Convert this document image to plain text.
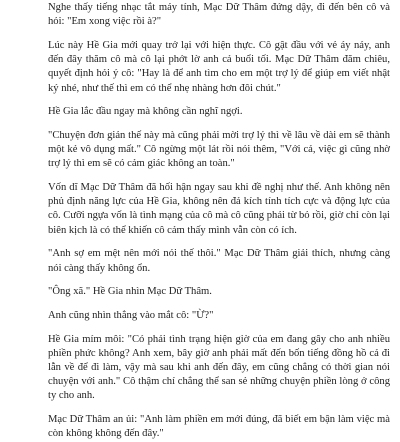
Nghe thấy tiếng nhạc tắt máy tính, Mạc Dữ Thâm đứng dậy, đi đến bên cô và hỏi: "Em xong việc rồi à?"

Lúc này Hề Gia mới quay trở lại với hiện thực. Cô gật đầu với vẻ áy náy, anh đến đây thăm cô mà cô lại phớt lờ anh cả buổi tối. Mạc Dữ Thâm đăm chiêu, quyết định hỏi ý cô: "Hay là để anh tìm cho em một trợ lý để giúp em viết nhật ký nhé, như thế thì em có thể nhẹ nhàng hơn đôi chút."

Hề Gia lắc đầu ngay mà không cần nghĩ ngợi.

"Chuyện đơn giản thế này mà cũng phải mời trợ lý thì về lâu về dài em sẽ thành một kẻ vô dụng mất." Cô ngừng một lát rồi nói thêm, "Với cả, việc gì cũng nhờ trợ lý thì em sẽ có cảm giác không an toàn."

Vốn dĩ Mạc Dữ Thâm đã hối hận ngay sau khi đề nghị như thế. Anh không nên phủ định năng lực của Hề Gia, không nên đả kích tính tích cực và động lực của cô. Cưỡi ngựa vốn là tình mạng của cô mà cô cũng phải từ bỏ rồi, giờ chỉ còn lại biên kịch là có thể khiến cô cảm thấy mình vẫn còn có ích.

"Anh sợ em mệt nên mới nói thế thôi." Mạc Dữ Thâm giải thích, nhưng càng nói càng thấy không ổn.

"Ông xã." Hề Gia nhìn Mạc Dữ Thâm.

Anh cũng nhìn thẳng vào mắt cô: "Ừ?"

Hề Gia mím môi: "Có phải tình trạng hiện giờ của em đang gây cho anh nhiều phiền phức không? Anh xem, bây giờ anh phải mất đến bốn tiếng đồng hồ cả đi lẫn về để đi làm, vậy mà sau khi anh đến đây, em cũng chẳng có thời gian nói chuyện với anh." Cô thậm chí chẳng thể san sẻ những chuyện phiền lòng ở công ty cho anh.

Mạc Dữ Thâm an ủi: "Anh làm phiền em mới đúng, đã biết em bận làm việc mà còn không không đến đây."
